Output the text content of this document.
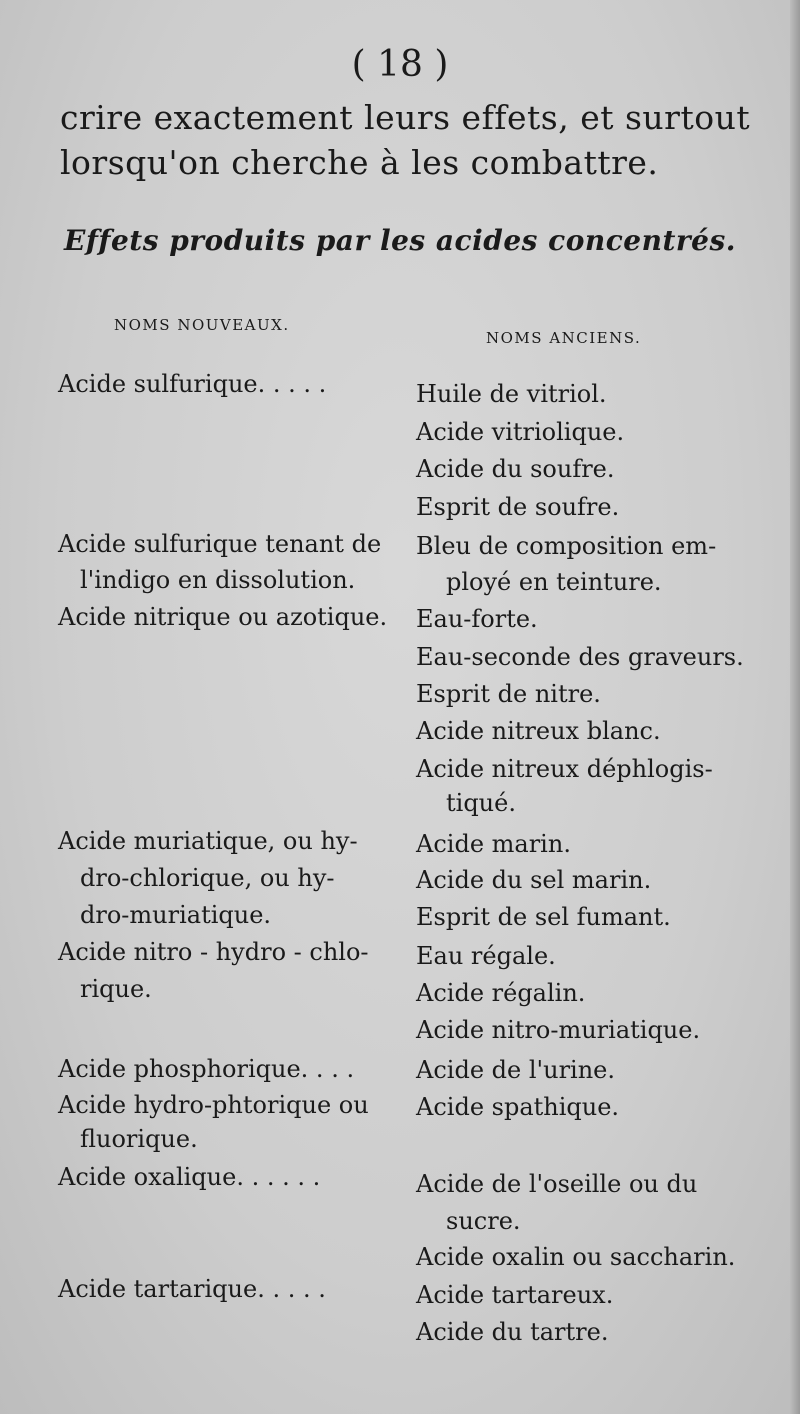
( 18 )
crire exactement leurs effets, et surtout
lorsqu'on cherche à les combattre.
Effets produits par les acides concentrés.
NOMS NOUVEAUX.
NOMS ANCIENS.
Acide sulfurique. . . . .
Acide sulfurique tenant de
l'indigo en dissolution.
Acide nitrique ou azotique.
Acide muriatique, ou hy-
dro-chlorique, ou hy-
dro-muriatique.
Acide nitro - hydro - chlo-
rique.
Acide phosphorique. . . .
Acide hydro-phtorique ou
fluorique.
Acide oxalique. . . . . .
Acide tartarique. . . . .
Huile de vitriol.
Acide vitriolique.
Acide du soufre.
Esprit de soufre.
Bleu de composition em-
ployé en teinture.
Eau-forte.
Eau-seconde des graveurs.
Esprit de nitre.
Acide nitreux blanc.
Acide nitreux déphlogis-
tiqué.
Acide marin.
Acide du sel marin.
Esprit de sel fumant.
Eau régale.
Acide régalin.
Acide nitro-muriatique.
Acide de l'urine.
Acide spathique.
Acide de l'oseille ou du
sucre.
Acide oxalin ou saccharin.
Acide tartareux.
Acide du tartre.
